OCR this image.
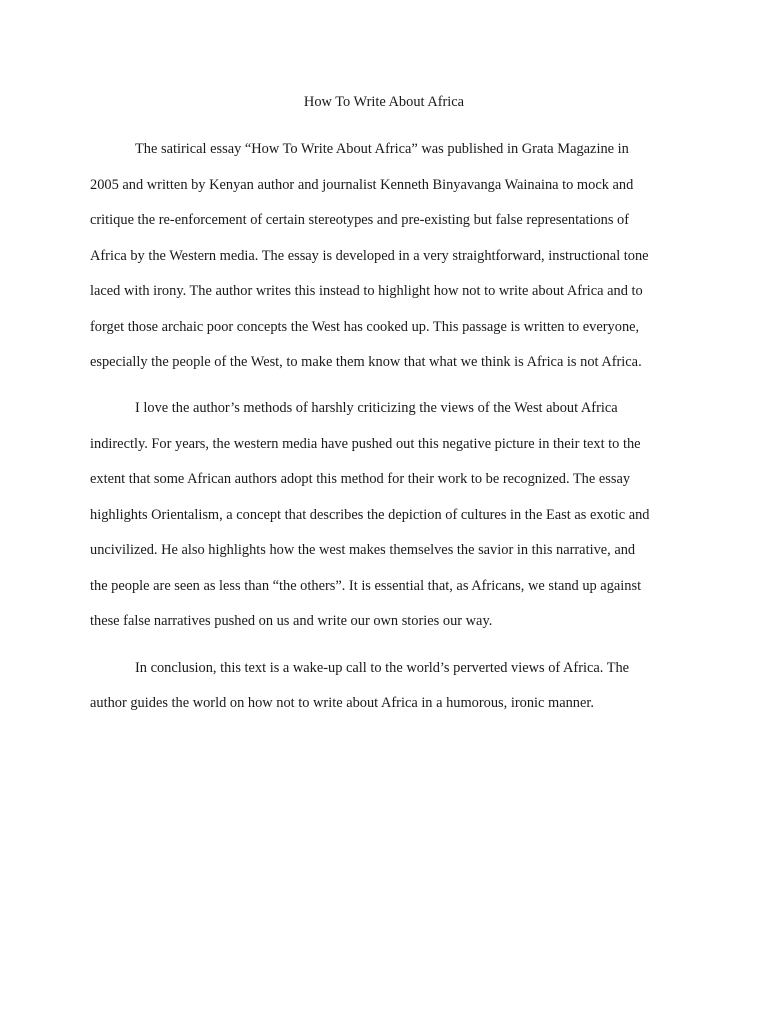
How To Write About Africa

The satirical essay “How To Write About Africa” was published in Grata Magazine in

2005 and written by Kenyan author and journalist Kenneth Binyavanga Wainaina to mock and

critique the re-enforcement of certain stereotypes and pre-existing but false representations of

Africa by the Western media. The essay is developed in a very straightforward, instructional tone

laced with irony. The author writes this instead to highlight how not to write about Africa and to

forget those archaic poor concepts the West has cooked up. This passage is written to everyone,

especially the people of the West, to make them know that what we think is Africa is not Africa.

I love the author’s methods of harshly criticizing the views of the West about Africa

indirectly. For years, the western media have pushed out this negative picture in their text to the

extent that some African authors adopt this method for their work to be recognized. The essay

highlights Orientalism, a concept that describes the depiction of cultures in the East as exotic and

uncivilized. He also highlights how the west makes themselves the savior in this narrative, and

the people are seen as less than “the others”. It is essential that, as Africans, we stand up against

these false narratives pushed on us and write our own stories our way.

In conclusion, this text is a wake-up call to the world’s perverted views of Africa. The

author guides the world on how not to write about Africa in a humorous, ironic manner.
